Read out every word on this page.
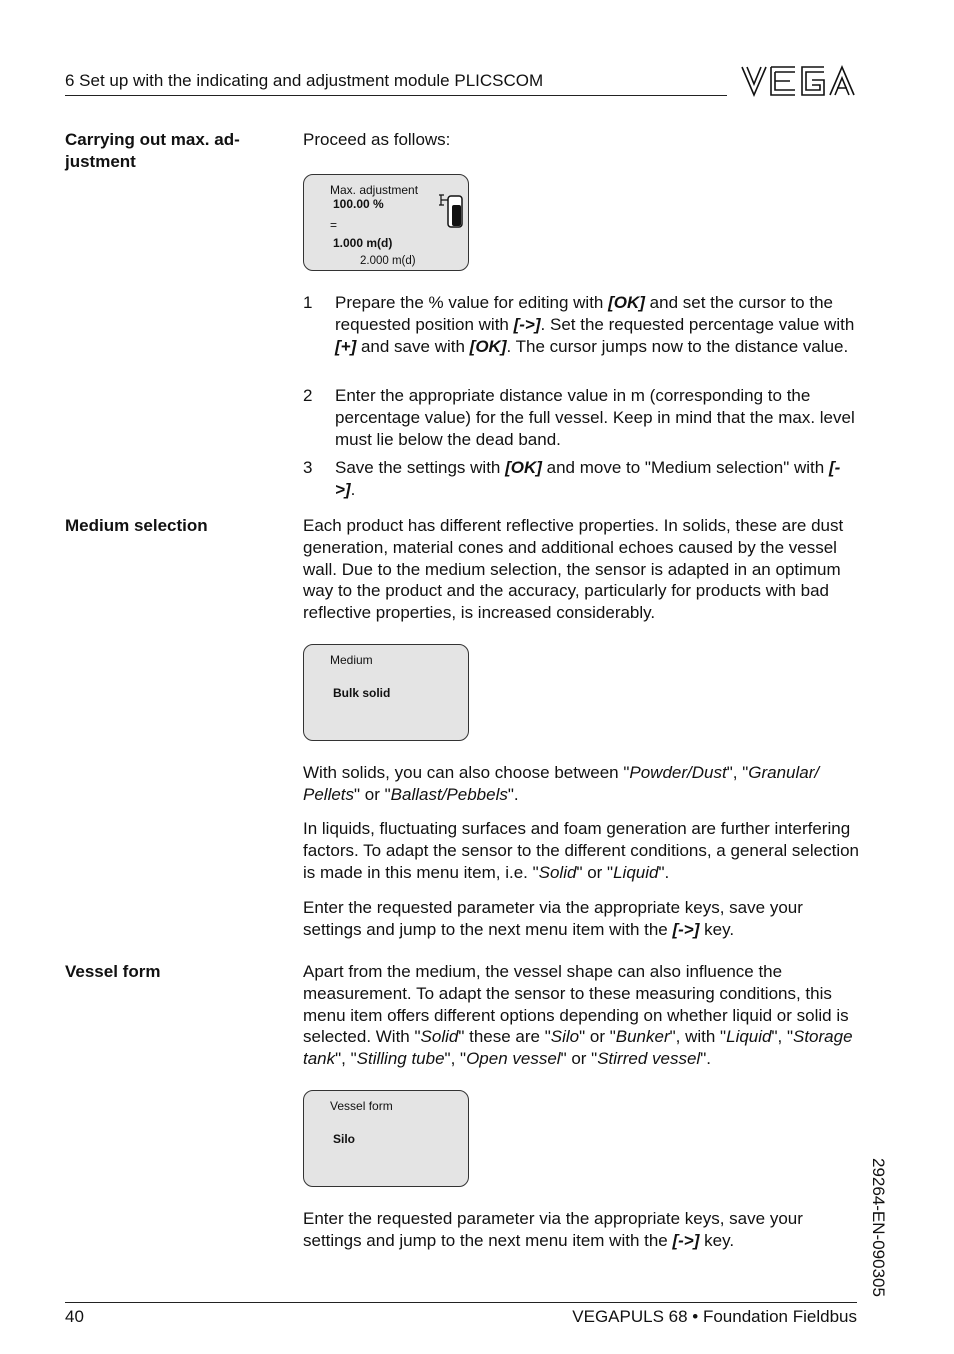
6 Set up with the indicating and adjustment module PLICSCOM
Carrying out max. ad-
justment
Proceed as follows:
Max. adjustment
100.00 %
=
1.000 m(d)
2.000 m(d)
1	Prepare the % value for editing with [OK] and set the cursor to the requested position with [->]. Set the requested percentage value with [+] and save with [OK]. The cursor jumps now to the distance value.
2	Enter the appropriate distance value in m (corresponding to the percentage value) for the full vessel. Keep in mind that the max. level must lie below the dead band.
3	Save the settings with [OK] and move to "Medium selection" with [->].
Medium selection	Each product has different reflective properties. In solids, these are dust generation, material cones and additional echoes caused by the vessel wall. Due to the medium selection, the sensor is adapted in an optimum way to the product and the accuracy, particularly for products with bad reflective properties, is increased considerably.
Medium
Bulk solid
With solids, you can also choose between "Powder/Dust", "Granular/ Pellets" or "Ballast/Pebbels".
In liquids, fluctuating surfaces and foam generation are further interfering factors. To adapt the sensor to the different conditions, a general selection is made in this menu item, i.e. "Solid" or "Liquid".
Enter the requested parameter via the appropriate keys, save your settings and jump to the next menu item with the [->] key.
Vessel form	Apart from the medium, the vessel shape can also influence the measurement. To adapt the sensor to these measuring conditions, this menu item offers different options depending on whether liquid or solid is selected. With "Solid" these are "Silo" or "Bunker", with "Liquid", "Storage tank", "Stilling tube", "Open vessel" or "Stirred vessel".
Vessel form
Silo
Enter the requested parameter via the appropriate keys, save your settings and jump to the next menu item with the [->] key.	29264-EN-090305
40	VEGAPULS 68 • Foundation Fieldbus
